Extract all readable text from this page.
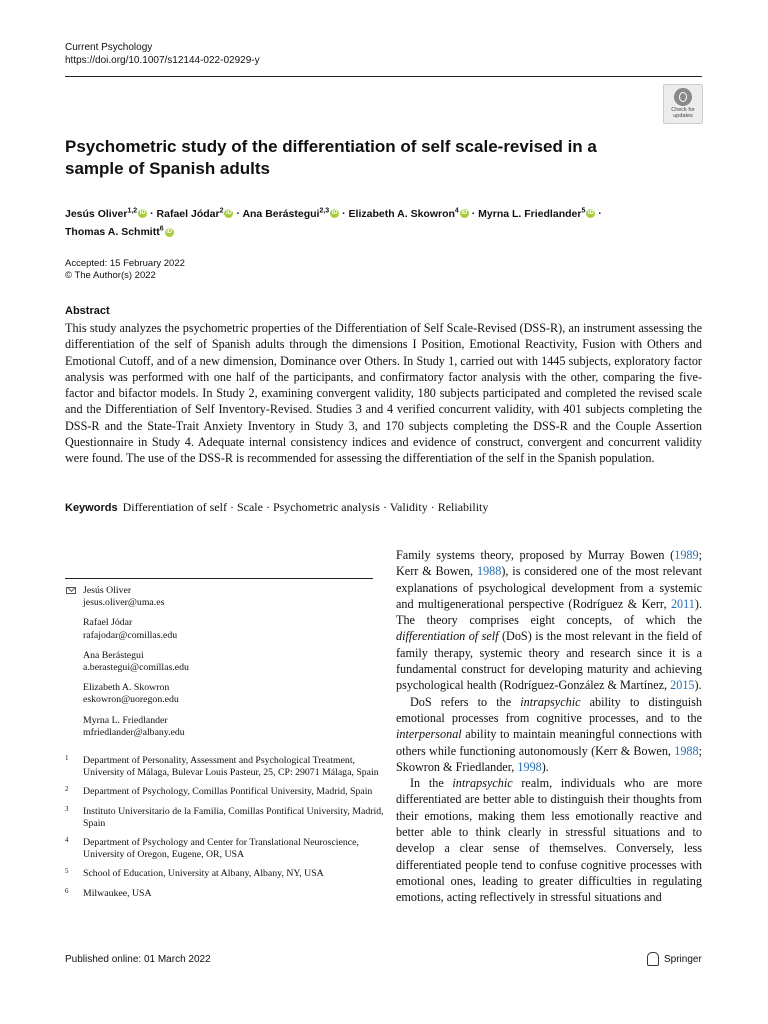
Current Psychology
https://doi.org/10.1007/s12144-022-02929-y
Check for
updates
Psychometric study of the differentiation of self scale-revised in a sample of Spanish adults
Jesús Oliver$^{1,2}$ iD · Rafael Jódar$^2$ iD · Ana Berástegui$^{2,3}$ iD · Elizabeth A. Skowron$^4$ iD · Myrna L. Friedlander$^5$ iD ·
Thomas A. Schmitt$^6$ iD
Accepted: 15 February 2022
© The Author(s) 2022
Abstract
This study analyzes the psychometric properties of the Differentiation of Self Scale-Revised (DSS-R), an instrument assessing the differentiation of the self of Spanish adults through the dimensions I Position, Emotional Reactivity, Fusion with Others and Emotional Cutoff, and of a new dimension, Dominance over Others. In Study 1, carried out with 1445 subjects, exploratory factor analysis was performed with one half of the participants, and confirmatory factor analysis with the other, comparing the five-factor and bifactor models. In Study 2, examining convergent validity, 180 subjects participated and completed the revised scale and the Differentiation of Self Inventory-Revised. Studies 3 and 4 verified concurrent validity, with 401 subjects completing the DSS-R and the State-Trait Anxiety Inventory in Study 3, and 170 subjects completing the DSS-R and the Couple Assertion Questionnaire in Study 4. Adequate internal consistency indices and evidence of construct, convergent and concurrent validity were found. The use of the DSS-R is recommended for assessing the differentiation of the self in the Spanish population.
Keywords Differentiation of self · Scale · Psychometric analysis · Validity · Reliability
Jesús Oliver
jesus.oliver@uma.es
Rafael Jódar
rafajodar@comillas.edu
Ana Berástegui
a.berastegui@comillas.edu
Elizabeth A. Skowron
eskowron@uoregon.edu
Myrna L. Friedlander
mfriedlander@albany.edu
1 Department of Personality, Assessment and Psychological Treatment, University of Málaga, Bulevar Louis Pasteur, 25, CP: 29071 Málaga, Spain
2 Department of Psychology, Comillas Pontifical University, Madrid, Spain
3 Instituto Universitario de la Familia, Comillas Pontifical University, Madrid, Spain
4 Department of Psychology and Center for Translational Neuroscience, University of Oregon, Eugene, OR, USA
5 School of Education, University at Albany, Albany, NY, USA
6 Milwaukee, USA

Family systems theory, proposed by Murray Bowen (1989; Kerr & Bowen, 1988), is considered one of the most relevant explanations of psychological development from a systemic and multigenerational perspective (Rodríguez & Kerr, 2011). The theory comprises eight concepts, of which the differentiation of self (DoS) is the most relevant in the field of family therapy, systemic theory and research since it is a fundamental construct for developing maturity and achieving psychological health (Rodríguez-González & Martínez, 2015).

DoS refers to the intrapsychic ability to distinguish emotional processes from cognitive processes, and to the interpersonal ability to maintain meaningful connections with others while functioning autonomously (Kerr & Bowen, 1988; Skowron & Friedlander, 1998).

In the intrapsychic realm, individuals who are more differentiated are better able to distinguish their thoughts from their emotions, making them less emotionally reactive and better able to think clearly in stressful situations and to develop a clear sense of themselves. Conversely, less differentiated people tend to confuse cognitive processes with emotional ones, leading to greater difficulties in regulating emotions, acting reflectively in stressful situations and

Published online: 01 March 2022	Springer
